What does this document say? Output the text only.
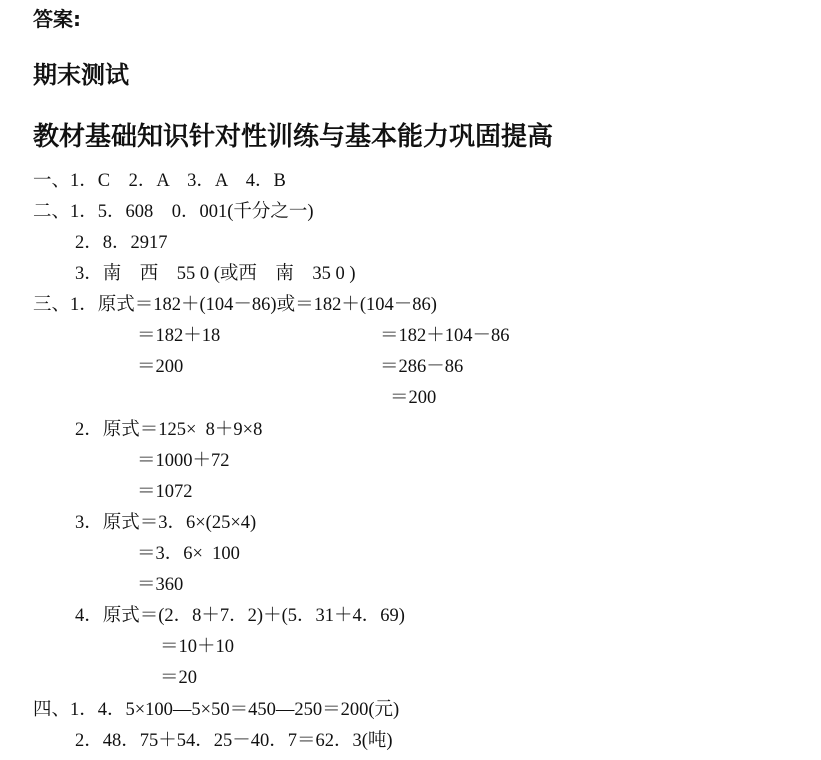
答案:
期末测试
教材基础知识针对性训练与基本能力巩固提高
一、1．C　2．A　3．A　4．B
二、1．5．608　0．001(千分之一)
2．8．2917
3．南　西　55 0 (或西　南　35 0 )
三、1．原式＝182＋(104－86)或＝182＋(104－86)
＝182＋18	＝182＋104－86
＝200	＝286－86
＝200
2．原式＝125×  8＋9×8
＝1000＋72
＝1072
3．原式＝3．6×(25×4)
＝3．6×  100
＝360
4．原式＝(2．8＋7．2)＋(5．31＋4．69)
＝10＋10
＝20
四、1．4．5×100—5×50＝450—250＝200(元)
2．48．75＋54．25－40．7＝62．3(吨)
